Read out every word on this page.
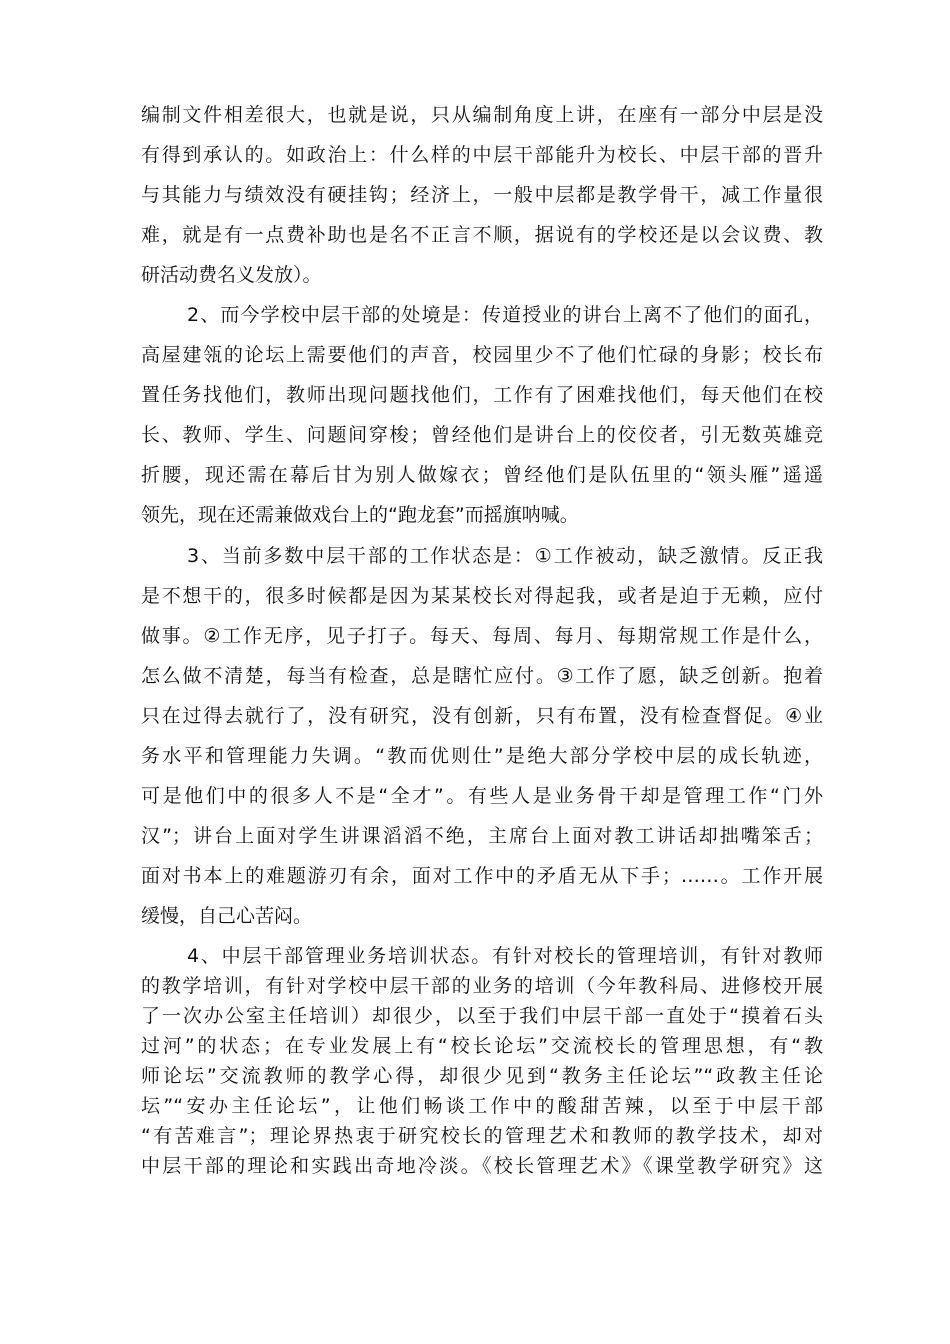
编制文件相差很大，也就是说，只从编制角度上讲，在座有一部分中层是没
有得到承认的。如政治上：什么样的中层干部能升为校长、中层干部的晋升
与其能力与绩效没有硬挂钩；经济上，一般中层都是教学骨干，减工作量很
难，就是有一点费补助也是名不正言不顺，据说有的学校还是以会议费、教
研活动费名义发放）。
2、而今学校中层干部的处境是：传道授业的讲台上离不了他们的面孔，
高屋建瓴的论坛上需要他们的声音，校园里少不了他们忙碌的身影；校长布
置任务找他们，教师出现问题找他们，工作有了困难找他们，每天他们在校
长、教师、学生、问题间穿梭；曾经他们是讲台上的佼佼者，引无数英雄竞
折腰，现还需在幕后甘为别人做嫁衣；曾经他们是队伍里的“领头雁”遥遥
领先，现在还需兼做戏台上的“跑龙套”而摇旗呐喊。
3、当前多数中层干部的工作状态是：①工作被动，缺乏激情。反正我
是不想干的，很多时候都是因为某某校长对得起我，或者是迫于无赖，应付
做事。②工作无序，见子打子。每天、每周、每月、每期常规工作是什么，
怎么做不清楚，每当有检查，总是瞎忙应付。③工作了愿，缺乏创新。抱着
只在过得去就行了，没有研究，没有创新，只有布置，没有检查督促。④业
务水平和管理能力失调。“教而优则仕”是绝大部分学校中层的成长轨迹，
可是他们中的很多人不是“全才”。有些人是业务骨干却是管理工作“门外
汉”；讲台上面对学生讲课滔滔不绝，主席台上面对教工讲话却拙嘴笨舌；
面对书本上的难题游刃有余，面对工作中的矛盾无从下手；……。工作开展
缓慢，自己心苦闷。
4、中层干部管理业务培训状态。有针对校长的管理培训，有针对教师
的教学培训，有针对学校中层干部的业务的培训（今年教科局、进修校开展
了一次办公室主任培训）却很少，以至于我们中层干部一直处于“摸着石头
过河”的状态；在专业发展上有“校长论坛”交流校长的管理思想，有“教
师论坛”交流教师的教学心得，却很少见到“教务主任论坛”“政教主任论
坛”“安办主任论坛”，让他们畅谈工作中的酸甜苦辣，以至于中层干部
“有苦难言”；理论界热衷于研究校长的管理艺术和教师的教学技术，却对
中层干部的理论和实践出奇地冷淡。《校长管理艺术》《课堂教学研究》这
